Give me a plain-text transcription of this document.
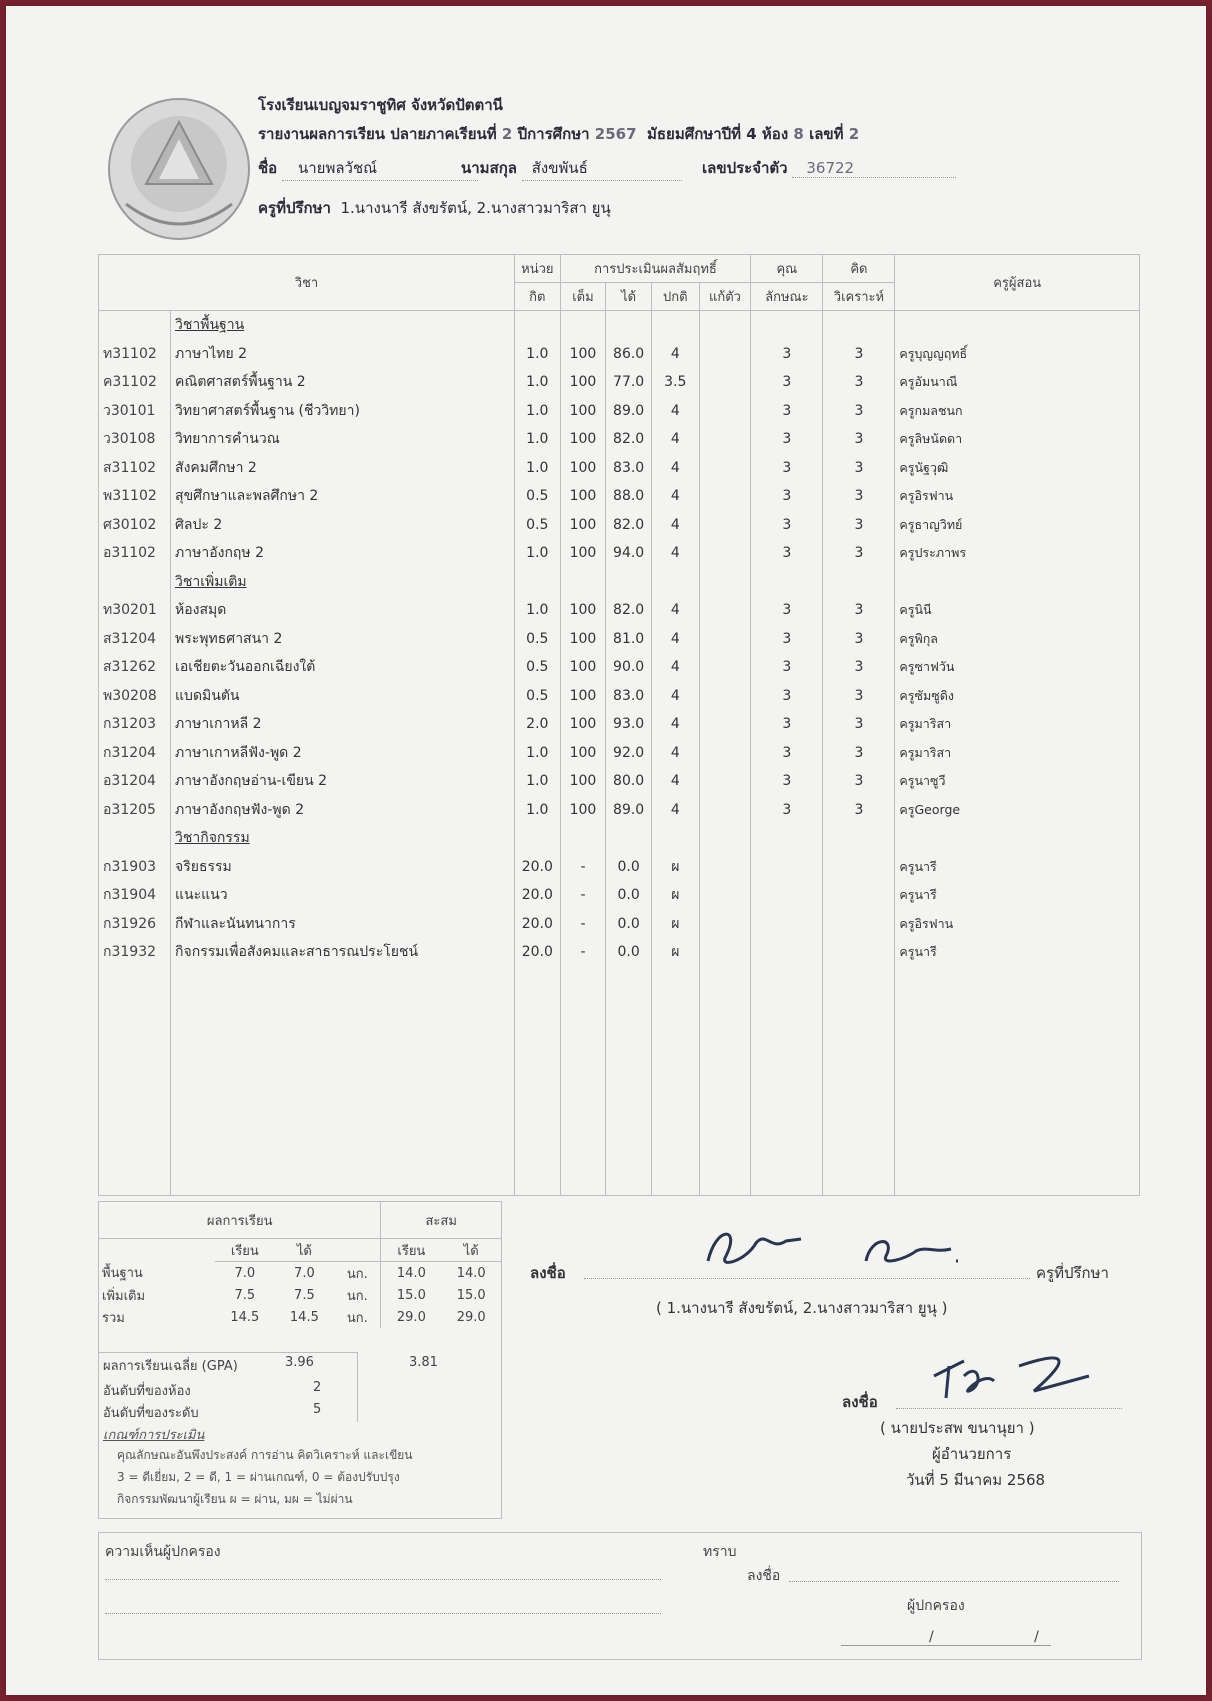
โรงเรียนเบญจมราชูทิศ จังหวัดปัตตานี
รายงานผลการเรียน ปลายภาคเรียนที่ 2 ปีการศึกษา 2567 มัธยมศึกษาปีที่ 4 ห้อง 8 เลขที่ 2
ชื่อ นายพลวัชณ์	นามสกุล สังขพันธ์	เลขประจำตัว 36722
ครูที่ปรึกษา 1.นางนารี สังขรัตน์, 2.นางสาวมาริสา ยูนุ
วิชา		หน่วย	การประเมินผลสัมฤทธิ์				คุณ	คิด	ครูผู้สอน
		กิต	เต็ม	ได้	ปกติ	แก้ตัว	ลักษณะ	วิเคราะห์	
	วิชาพื้นฐาน								
ท31102	ภาษาไทย 2	1.0	100	86.0	4		3	3	ครูบุญญฤทธิ์
ค31102	คณิตศาสตร์พื้นฐาน 2	1.0	100	77.0	3.5		3	3	ครูอัมนาณี
ว30101	วิทยาศาสตร์พื้นฐาน (ชีววิทยา)	1.0	100	89.0	4		3	3	ครูกมลชนก
ว30108	วิทยาการคำนวณ	1.0	100	82.0	4		3	3	ครูลิษนัดดา
ส31102	สังคมศึกษา 2	1.0	100	83.0	4		3	3	ครูนัฐวุฒิ
พ31102	สุขศึกษาและพลศึกษา 2	0.5	100	88.0	4		3	3	ครูอิรฟาน
ศ30102	ศิลปะ 2	0.5	100	82.0	4		3	3	ครูธาญวิทย์
อ31102	ภาษาอังกฤษ 2	1.0	100	94.0	4		3	3	ครูประภาพร
	วิชาเพิ่มเติม								
ท30201	ห้องสมุด	1.0	100	82.0	4		3	3	ครูนินี
ส31204	พระพุทธศาสนา 2	0.5	100	81.0	4		3	3	ครูพิกุล
ส31262	เอเชียตะวันออกเฉียงใต้	0.5	100	90.0	4		3	3	ครูซาฟวัน
พ30208	แบดมินตัน	0.5	100	83.0	4		3	3	ครูซัมซูดิง
ก31203	ภาษาเกาหลี 2	2.0	100	93.0	4		3	3	ครูมาริสา
ก31204	ภาษาเกาหลีฟัง-พูด 2	1.0	100	92.0	4		3	3	ครูมาริสา
อ31204	ภาษาอังกฤษอ่าน-เขียน 2	1.0	100	80.0	4		3	3	ครูนาซูวี
อ31205	ภาษาอังกฤษฟัง-พูด 2	1.0	100	89.0	4		3	3	ครูGeorge
	วิชากิจกรรม								
ก31903	จริยธรรม	20.0	-	0.0	ผ				ครูนารี
ก31904	แนะแนว	20.0	-	0.0	ผ				ครูนารี
ก31926	กีฬาและนันทนาการ	20.0	-	0.0	ผ				ครูอิรฟาน
ก31932	กิจกรรมเพื่อสังคมและสาธารณประโยชน์	20.0	-	0.0	ผ				ครูนารี

ผลการเรียน				สะสม	
	เรียน	ได้		เรียน	ได้
พื้นฐาน	7.0	7.0	นก.	14.0	14.0
เพิ่มเติม	7.5	7.5	นก.	15.0	15.0
รวม	14.5	14.5	นก.	29.0	29.0
ผลการเรียนเฉลี่ย (GPA)	3.96	3.81
อันดับที่ของห้อง	2
อันดับที่ของระดับ	5
เกณฑ์การประเมิน
คุณลักษณะอันพึงประสงค์ การอ่าน คิดวิเคราะห์ และเขียน
3 = ดีเยี่ยม, 2 = ดี, 1 = ผ่านเกณฑ์, 0 = ต้องปรับปรุง
กิจกรรมพัฒนาผู้เรียน ผ = ผ่าน, มผ = ไม่ผ่าน
ลงชื่อ	ครูที่ปรึกษา
( 1.นางนารี สังขรัตน์, 2.นางสาวมาริสา ยูนุ )
ลงชื่อ
( นายประสพ ขนานุยา )
ผู้อำนวยการ
วันที่ 5 มีนาคม 2568
ความเห็นผู้ปกครอง	ทราบ
ลงชื่อ
ผู้ปกครอง
/ /
